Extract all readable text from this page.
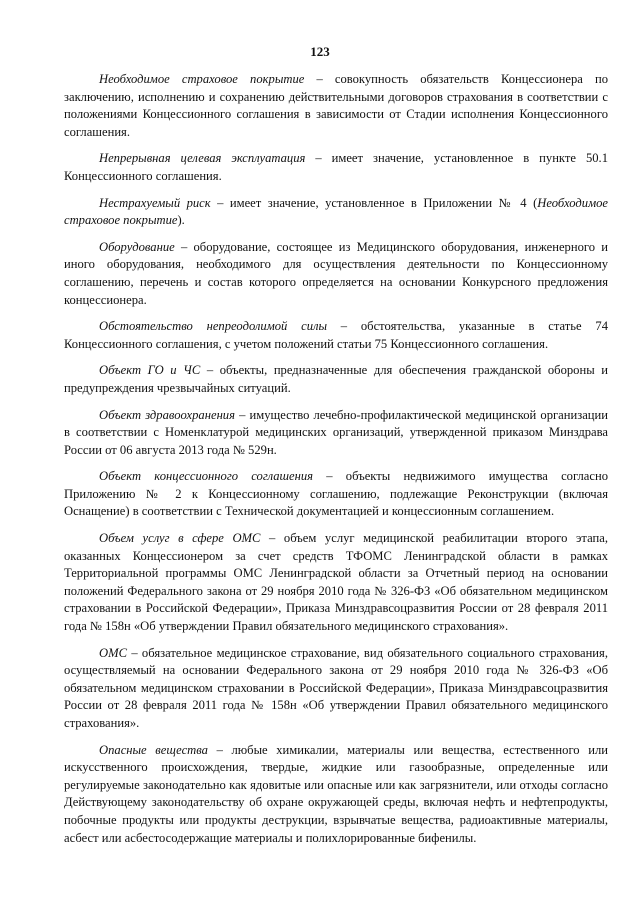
123

Необходимое страховое покрытие – совокупность обязательств Концессионера по заключению, исполнению и сохранению действительными договоров страхования в соответствии с положениями Концессионного соглашения в зависимости от Стадии исполнения Концессионного соглашения.

Непрерывная целевая эксплуатация – имеет значение, установленное в пункте 50.1 Концессионного соглашения.

Нестрахуемый риск – имеет значение, установленное в Приложении № 4 (Необходимое страховое покрытие).

Оборудование – оборудование, состоящее из Медицинского оборудования, инженерного и иного оборудования, необходимого для осуществления деятельности по Концессионному соглашению, перечень и состав которого определяется на основании Конкурсного предложения концессионера.

Обстоятельство непреодолимой силы – обстоятельства, указанные в статье 74 Концессионного соглашения, с учетом положений статьи 75 Концессионного соглашения.

Объект ГО и ЧС – объекты, предназначенные для обеспечения гражданской обороны и предупреждения чрезвычайных ситуаций.

Объект здравоохранения – имущество лечебно-профилактической медицинской организации в соответствии с Номенклатурой медицинских организаций, утвержденной приказом Минздрава России от 06 августа 2013 года № 529н.

Объект концессионного соглашения – объекты недвижимого имущества согласно Приложению № 2 к Концессионному соглашению, подлежащие Реконструкции (включая Оснащение) в соответствии с Технической документацией и концессионным соглашением.

Объем услуг в сфере ОМС – объем услуг медицинской реабилитации второго этапа, оказанных Концессионером за счет средств ТФОМС Ленинградской области в рамках Территориальной программы ОМС Ленинградской области за Отчетный период на основании положений Федерального закона от 29 ноября 2010 года № 326-ФЗ «Об обязательном медицинском страховании в Российской Федерации», Приказа Минздравсоцразвития России от 28 февраля 2011 года № 158н «Об утверждении Правил обязательного медицинского страхования».

ОМС – обязательное медицинское страхование, вид обязательного социального страхования, осуществляемый на основании Федерального закона от 29 ноября 2010 года № 326-ФЗ «Об обязательном медицинском страховании в Российской Федерации», Приказа Минздравсоцразвития России от 28 февраля 2011 года № 158н «Об утверждении Правил обязательного медицинского страхования».

Опасные вещества – любые химикалии, материалы или вещества, естественного или искусственного происхождения, твердые, жидкие или газообразные, определенные или регулируемые законодательно как ядовитые или опасные или как загрязнители, или отходы согласно Действующему законодательству об охране окружающей среды, включая нефть и нефтепродукты, побочные продукты или продукты деструкции, взрывчатые вещества, радиоактивные материалы, асбест или асбестосодержащие материалы и полихлорированные бифенилы.
